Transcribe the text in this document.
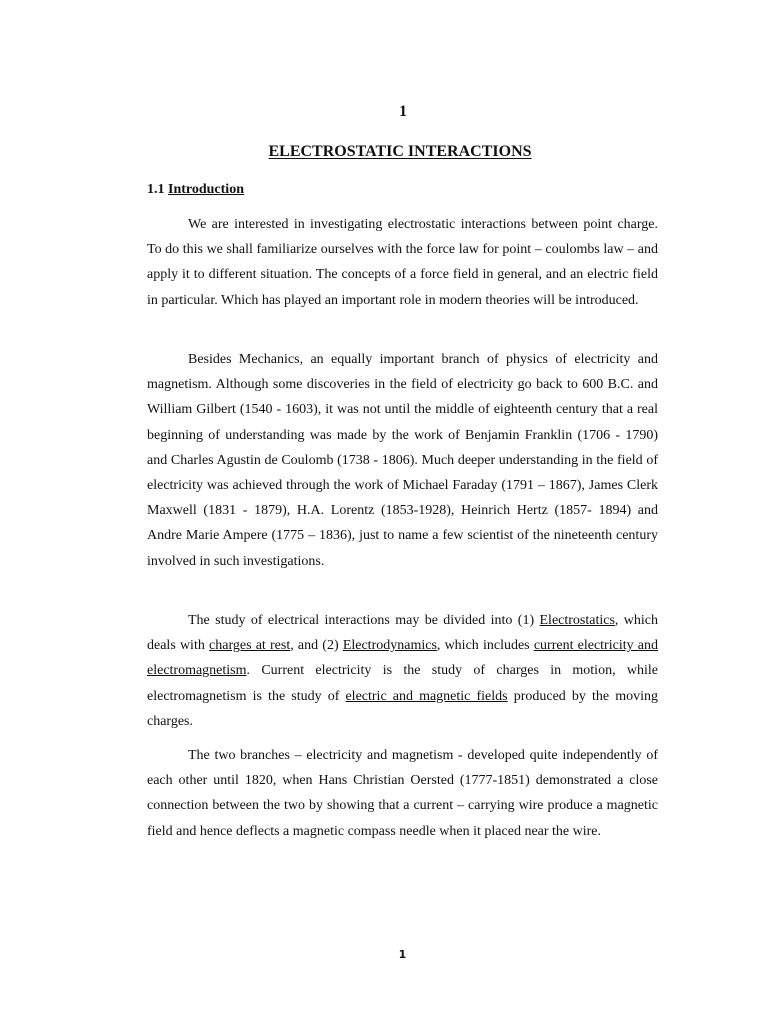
1
ELECTROSTATIC INTERACTIONS
1.1 Introduction

We are interested in investigating electrostatic interactions between point charge. To do this we shall familiarize ourselves with the force law for point – coulombs law – and apply it to different situation. The concepts of a force field in general, and an electric field in particular. Which has played an important role in modern theories will be introduced.

Besides Mechanics, an equally important branch of physics of electricity and magnetism. Although some discoveries in the field of electricity go back to 600 B.C. and William Gilbert (1540 - 1603), it was not until the middle of eighteenth century that a real beginning of understanding was made by the work of Benjamin Franklin (1706 - 1790) and Charles Agustin de Coulomb (1738 - 1806). Much deeper understanding in the field of electricity was achieved through the work of Michael Faraday (1791 – 1867), James Clerk Maxwell (1831 - 1879), H.A. Lorentz (1853-1928), Heinrich Hertz (1857- 1894) and Andre Marie Ampere (1775 – 1836), just to name a few scientist of the nineteenth century involved in such investigations.

The study of electrical interactions may be divided into (1) Electrostatics, which deals with charges at rest, and (2) Electrodynamics, which includes current electricity and electromagnetism. Current electricity is the study of charges in motion, while electromagnetism is the study of electric and magnetic fields produced by the moving charges.

The two branches – electricity and magnetism - developed quite independently of each other until 1820, when Hans Christian Oersted (1777-1851) demonstrated a close connection between the two by showing that a current – carrying wire produce a magnetic field and hence deflects a magnetic compass needle when it placed near the wire.

1
